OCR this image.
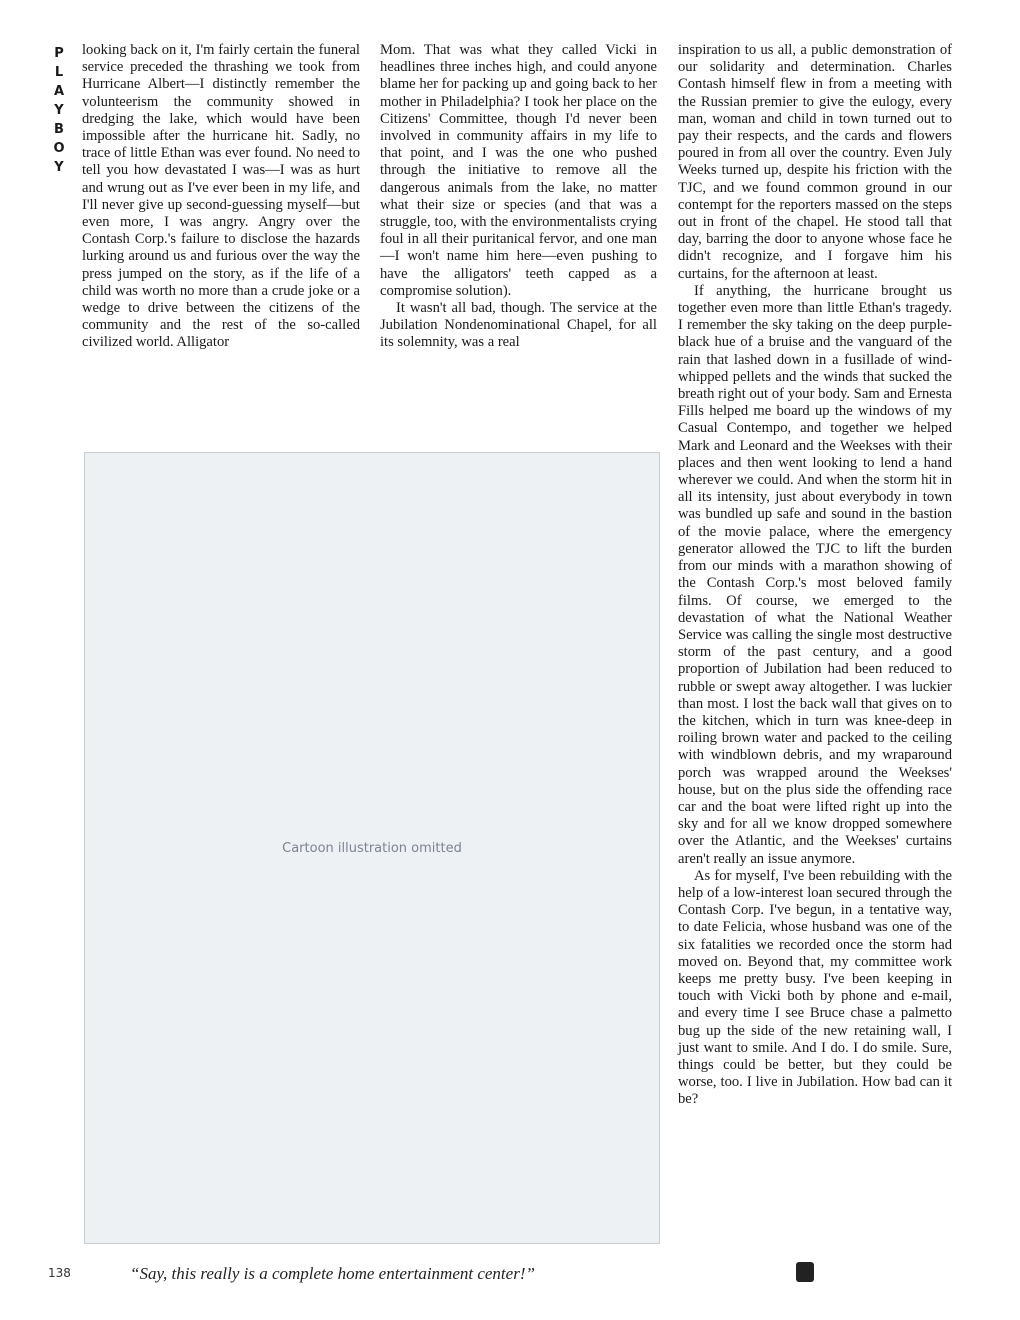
P
L
A
Y
B
O
Y

looking back on it, I'm fairly certain the funeral service preceded the thrashing we took from Hurricane Albert—I distinctly remember the volunteerism the community showed in dredging the lake, which would have been impossible after the hurricane hit. Sadly, no trace of little Ethan was ever found. No need to tell you how devastated I was—I was as hurt and wrung out as I've ever been in my life, and I'll never give up second-guessing myself—but even more, I was angry. Angry over the Contash Corp.'s failure to disclose the hazards lurking around us and furious over the way the press jumped on the story, as if the life of a child was worth no more than a crude joke or a wedge to drive between the citizens of the community and the rest of the so-called civilized world. Alligator

Mom. That was what they called Vicki in headlines three inches high, and could anyone blame her for packing up and going back to her mother in Philadelphia? I took her place on the Citizens' Committee, though I'd never been involved in community affairs in my life to that point, and I was the one who pushed through the initiative to remove all the dangerous animals from the lake, no matter what their size or species (and that was a struggle, too, with the environmentalists crying foul in all their puritanical fervor, and one man—I won't name him here—even pushing to have the alligators' teeth capped as a compromise solution).

It wasn't all bad, though. The service at the Jubilation Nondenominational Chapel, for all its solemnity, was a real

inspiration to us all, a public demonstration of our solidarity and determination. Charles Contash himself flew in from a meeting with the Russian premier to give the eulogy, every man, woman and child in town turned out to pay their respects, and the cards and flowers poured in from all over the country. Even July Weeks turned up, despite his friction with the TJC, and we found common ground in our contempt for the reporters massed on the steps out in front of the chapel. He stood tall that day, barring the door to anyone whose face he didn't recognize, and I forgave him his curtains, for the afternoon at least.

If anything, the hurricane brought us together even more than little Ethan's tragedy. I remember the sky taking on the deep purple-black hue of a bruise and the vanguard of the rain that lashed down in a fusillade of wind-whipped pellets and the winds that sucked the breath right out of your body. Sam and Ernesta Fills helped me board up the windows of my Casual Contempo, and together we helped Mark and Leonard and the Weekses with their places and then went looking to lend a hand wherever we could. And when the storm hit in all its intensity, just about everybody in town was bundled up safe and sound in the bastion of the movie palace, where the emergency generator allowed the TJC to lift the burden from our minds with a marathon showing of the Contash Corp.'s most beloved family films. Of course, we emerged to the devastation of what the National Weather Service was calling the single most destructive storm of the past century, and a good proportion of Jubilation had been reduced to rubble or swept away altogether. I was luckier than most. I lost the back wall that gives on to the kitchen, which in turn was knee-deep in roiling brown water and packed to the ceiling with windblown debris, and my wraparound porch was wrapped around the Weekses' house, but on the plus side the offending race car and the boat were lifted right up into the sky and for all we know dropped somewhere over the Atlantic, and the Weekses' curtains aren't really an issue anymore.

As for myself, I've been rebuilding with the help of a low-interest loan secured through the Contash Corp. I've begun, in a tentative way, to date Felicia, whose husband was one of the six fatalities we recorded once the storm had moved on. Beyond that, my committee work keeps me pretty busy. I've been keeping in touch with Vicki both by phone and e-mail, and every time I see Bruce chase a palmetto bug up the side of the new retaining wall, I just want to smile. And I do. I do smile. Sure, things could be better, but they could be worse, too. I live in Jubilation. How bad can it be?

Cartoon illustration omitted
“Say, this really is a complete home entertainment center!”
138
